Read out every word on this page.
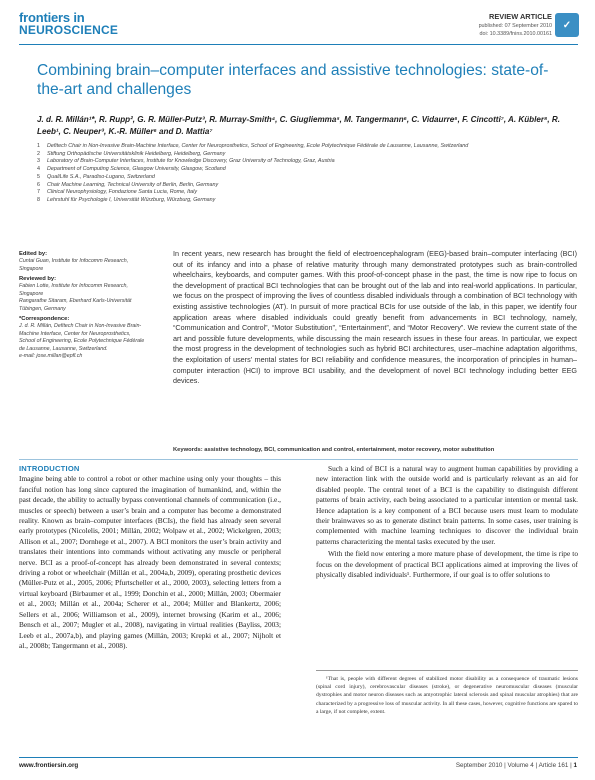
frontiers in
NEUROSCIENCE
REVIEW ARTICLE
published: 07 September 2010
doi: 10.3389/fnins.2010.00161
✓
Combining brain–computer interfaces and assistive technologies: state-of-the-art and challenges
J. d. R. Millán¹*, R. Rupp², G. R. Müller-Putz³, R. Murray-Smith⁴, C. Giugliemma⁵, M. Tangermann⁶, C. Vidaurre⁶, F. Cincotti⁷, A. Kübler⁸, R. Leeb¹, C. Neuper³, K.-R. Müller⁶ and D. Mattia⁷
1	Defitech Chair in Non-Invasive Brain-Machine Interface, Center for Neuroprosthetics, School of Engineering, Ecole Polytechnique Fédérale de Lausanne, Lausanne, Switzerland
2	Stiftung Orthopädische Universitätsklinik Heidelberg, Heidelberg, Germany
3	Laboratory of Brain-Computer Interfaces, Institute for Knowledge Discovery, Graz University of Technology, Graz, Austria
4	Department of Computing Science, Glasgow University, Glasgow, Scotland
5	QualiLife S.A., Paradiso-Lugano, Switzerland
6	Chair Machine Learning, Technical University of Berlin, Berlin, Germany
7	Clinical Neurophysiology, Fondazione Santa Lucia, Rome, Italy
8	Lehrstuhl für Psychologie I, Universität Würzburg, Würzburg, Germany
Edited by:
Cuntai Guan, Institute for Infocomm Research, Singapore
Reviewed by:
Fabien Lotte, Institute for Infocomm Research, Singapore
Rangarathe Sitaram, Eberhard Karls-Universität Tübingen, Germany
*Correspondence:
J. d. R. Millán, Defitech Chair in Non-Invasive Brain-Machine Interface, Center for Neuroprosthetics, School of Engineering, Ecole Polytechnique Fédérale de Lausanne, Lausanne, Switzerland.
e-mail: jose.millan@epfl.ch
In recent years, new research has brought the field of electroencephalogram (EEG)-based brain–computer interfacing (BCI) out of its infancy and into a phase of relative maturity through many demonstrated prototypes such as brain-controlled wheelchairs, keyboards, and computer games. With this proof-of-concept phase in the past, the time is now ripe to focus on the development of practical BCI technologies that can be brought out of the lab and into real-world applications. In particular, we focus on the prospect of improving the lives of countless disabled individuals through a combination of BCI technology with existing assistive technologies (AT). In pursuit of more practical BCIs for use outside of the lab, in this paper, we identify four application areas where disabled individuals could greatly benefit from advancements in BCI technology, namely, “Communication and Control”, “Motor Substitution”, “Entertainment”, and “Motor Recovery”. We review the current state of the art and possible future developments, while discussing the main research issues in these four areas. In particular, we expect the most progress in the development of technologies such as hybrid BCI architectures, user–machine adaptation algorithms, the exploitation of users’ mental states for BCI reliability and confidence measures, the incorporation of principles in human–computer interaction (HCI) to improve BCI usability, and the development of novel BCI technology including better EEG devices.
Keywords: assistive technology, BCI, communication and control, entertainment, motor recovery, motor substitution
INTRODUCTION

Imagine being able to control a robot or other machine using only your thoughts – this fanciful notion has long since captured the imagination of humankind, and, within the past decade, the ability to actually bypass conventional channels of communication (i.e., muscles or speech) between a user’s brain and a computer has become a demonstrated reality. Known as brain–computer interfaces (BCIs), the field has already seen several early prototypes (Nicolelis, 2001; Millán, 2002; Wolpaw et al., 2002; Wickelgren, 2003; Allison et al., 2007; Dornhege et al., 2007). A BCI monitors the user’s brain activity and translates their intentions into commands without activating any muscle or peripheral nerve. BCI as a proof-of-concept has already been demonstrated in several contexts; driving a robot or wheelchair (Millán et al., 2004a,b, 2009), operating prosthetic devices (Müller-Putz et al., 2005, 2006; Pfurtscheller et al., 2000, 2003), selecting letters from a virtual keyboard (Birbaumer et al., 1999; Donchin et al., 2000; Millán, 2003; Obermaier et al., 2003; Millán et al., 2004a; Scherer et al., 2004; Müller and Blankertz, 2006; Sellers et al., 2006; Williamson et al., 2009), internet browsing (Karim et al., 2006; Bensch et al., 2007; Mugler et al., 2008), navigating in virtual realities (Bayliss, 2003; Leeb et al., 2007a,b), and playing games (Millán, 2003; Krepki et al., 2007; Nijholt et al., 2008b; Tangermann et al., 2008).

Such a kind of BCI is a natural way to augment human capabilities by providing a new interaction link with the outside world and is particularly relevant as an aid for disabled people. The central tenet of a BCI is the capability to distinguish different patterns of brain activity, each being associated to a particular intention or mental task. Hence adaptation is a key component of a BCI because users must learn to modulate their brainwaves so as to generate distinct brain patterns. In some cases, user training is complemented with machine learning techniques to discover the individual brain patterns characterizing the mental tasks executed by the user.

With the field now entering a more mature phase of development, the time is ripe to focus on the development of practical BCI applications aimed at improving the lives of physically disabled individuals¹. Furthermore, if our goal is to offer solutions to

¹That is, people with different degrees of stabilized motor disability as a consequence of traumatic lesions (spinal cord injury), cerebrovascular diseases (stroke), or degenerative neuromuscular diseases (muscular dystrophies and motor neuron diseases such as amyotrophic lateral sclerosis and spinal muscular atrophies) that are characterized by a progressive loss of muscular activity. In all these cases, however, cognitive functions are spared to a large, if not complete, extent.
www.frontiersin.org	September 2010 | Volume 4 | Article 161 | 1
